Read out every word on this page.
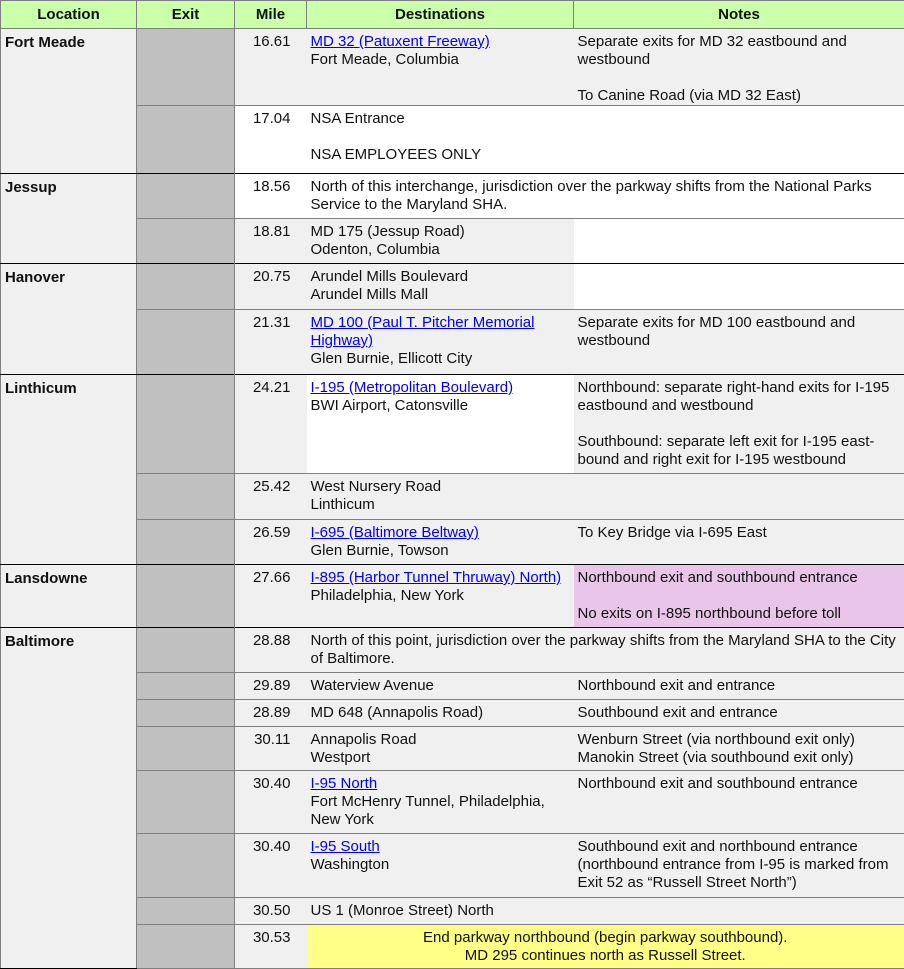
Location	Exit	Mile	Destinations	Notes
Fort Meade		16.61	MD 32 (Patuxent Freeway)
Fort Meade, Columbia	Separate exits for MD 32 eastbound and westbound
To Canine Road (via MD 32 East)
		17.04	NSA Entrance
NSA EMPLOYEES ONLY	
Jessup		18.56	North of this interchange, jurisdiction over the parkway shifts from the National Parks Service to the Maryland SHA.	
		18.81	MD 175 (Jessup Road)
Odenton, Columbia	
Hanover		20.75	Arundel Mills Boulevard
Arundel Mills Mall	
		21.31	MD 100 (Paul T. Pitcher Memorial Highway)
Glen Burnie, Ellicott City	Separate exits for MD 100 eastbound and westbound
Linthicum		24.21	I-195 (Metropolitan Boulevard)
BWI Airport, Catonsville	Northbound: separate right-hand exits for I-195 eastbound and westbound
Southbound: separate left exit for I-195 east-bound and right exit for I-195 westbound
		25.42	West Nursery Road
Linthicum	
		26.59	I-695 (Baltimore Beltway)
Glen Burnie, Towson	To Key Bridge via I-695 East
Lansdowne		27.66	I-895 (Harbor Tunnel Thruway) North)
Philadelphia, New York	Northbound exit and southbound entrance
No exits on I-895 northbound before toll
Baltimore		28.88	North of this point, jurisdiction over the parkway shifts from the Maryland SHA to the City of Baltimore.	
		29.89	Waterview Avenue	Northbound exit and entrance
		28.89	MD 648 (Annapolis Road)	Southbound exit and entrance
		30.11	Annapolis Road
Westport	Wenburn Street (via northbound exit only)
Manokin Street (via southbound exit only)
		30.40	I-95 North
Fort McHenry Tunnel, Philadelphia, New York	Northbound exit and southbound entrance
		30.40	I-95 South
Washington	Southbound exit and northbound entrance (northbound entrance from I-95 is marked from Exit 52 as “Russell Street North”)
		30.50	US 1 (Monroe Street) North	
		30.53	End parkway northbound (begin parkway southbound).
MD 295 continues north as Russell Street.	
